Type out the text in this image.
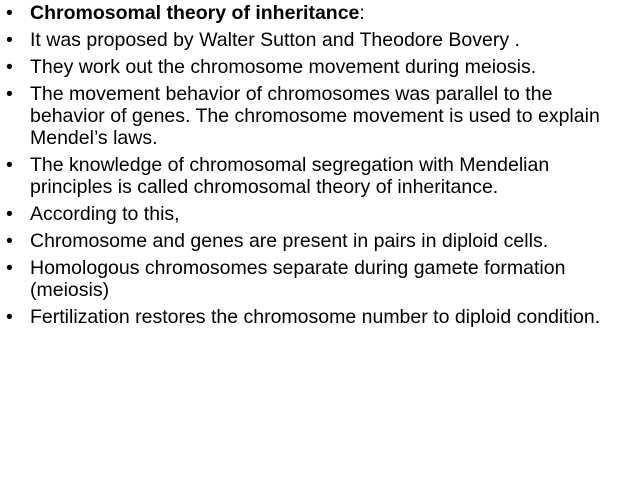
• Chromosomal theory of inheritance:
• It was proposed by Walter Sutton and Theodore Bovery .
• They work out the chromosome movement during meiosis.
• The movement behavior of chromosomes was parallel to the behavior of genes. The chromosome movement is used to explain Mendel’s laws.
• The knowledge of chromosomal segregation with Mendelian principles is called chromosomal theory of inheritance.
• According to this,
• Chromosome and genes are present in pairs in diploid cells.
• Homologous chromosomes separate during gamete formation (meiosis)
• Fertilization restores the chromosome number to diploid condition.
